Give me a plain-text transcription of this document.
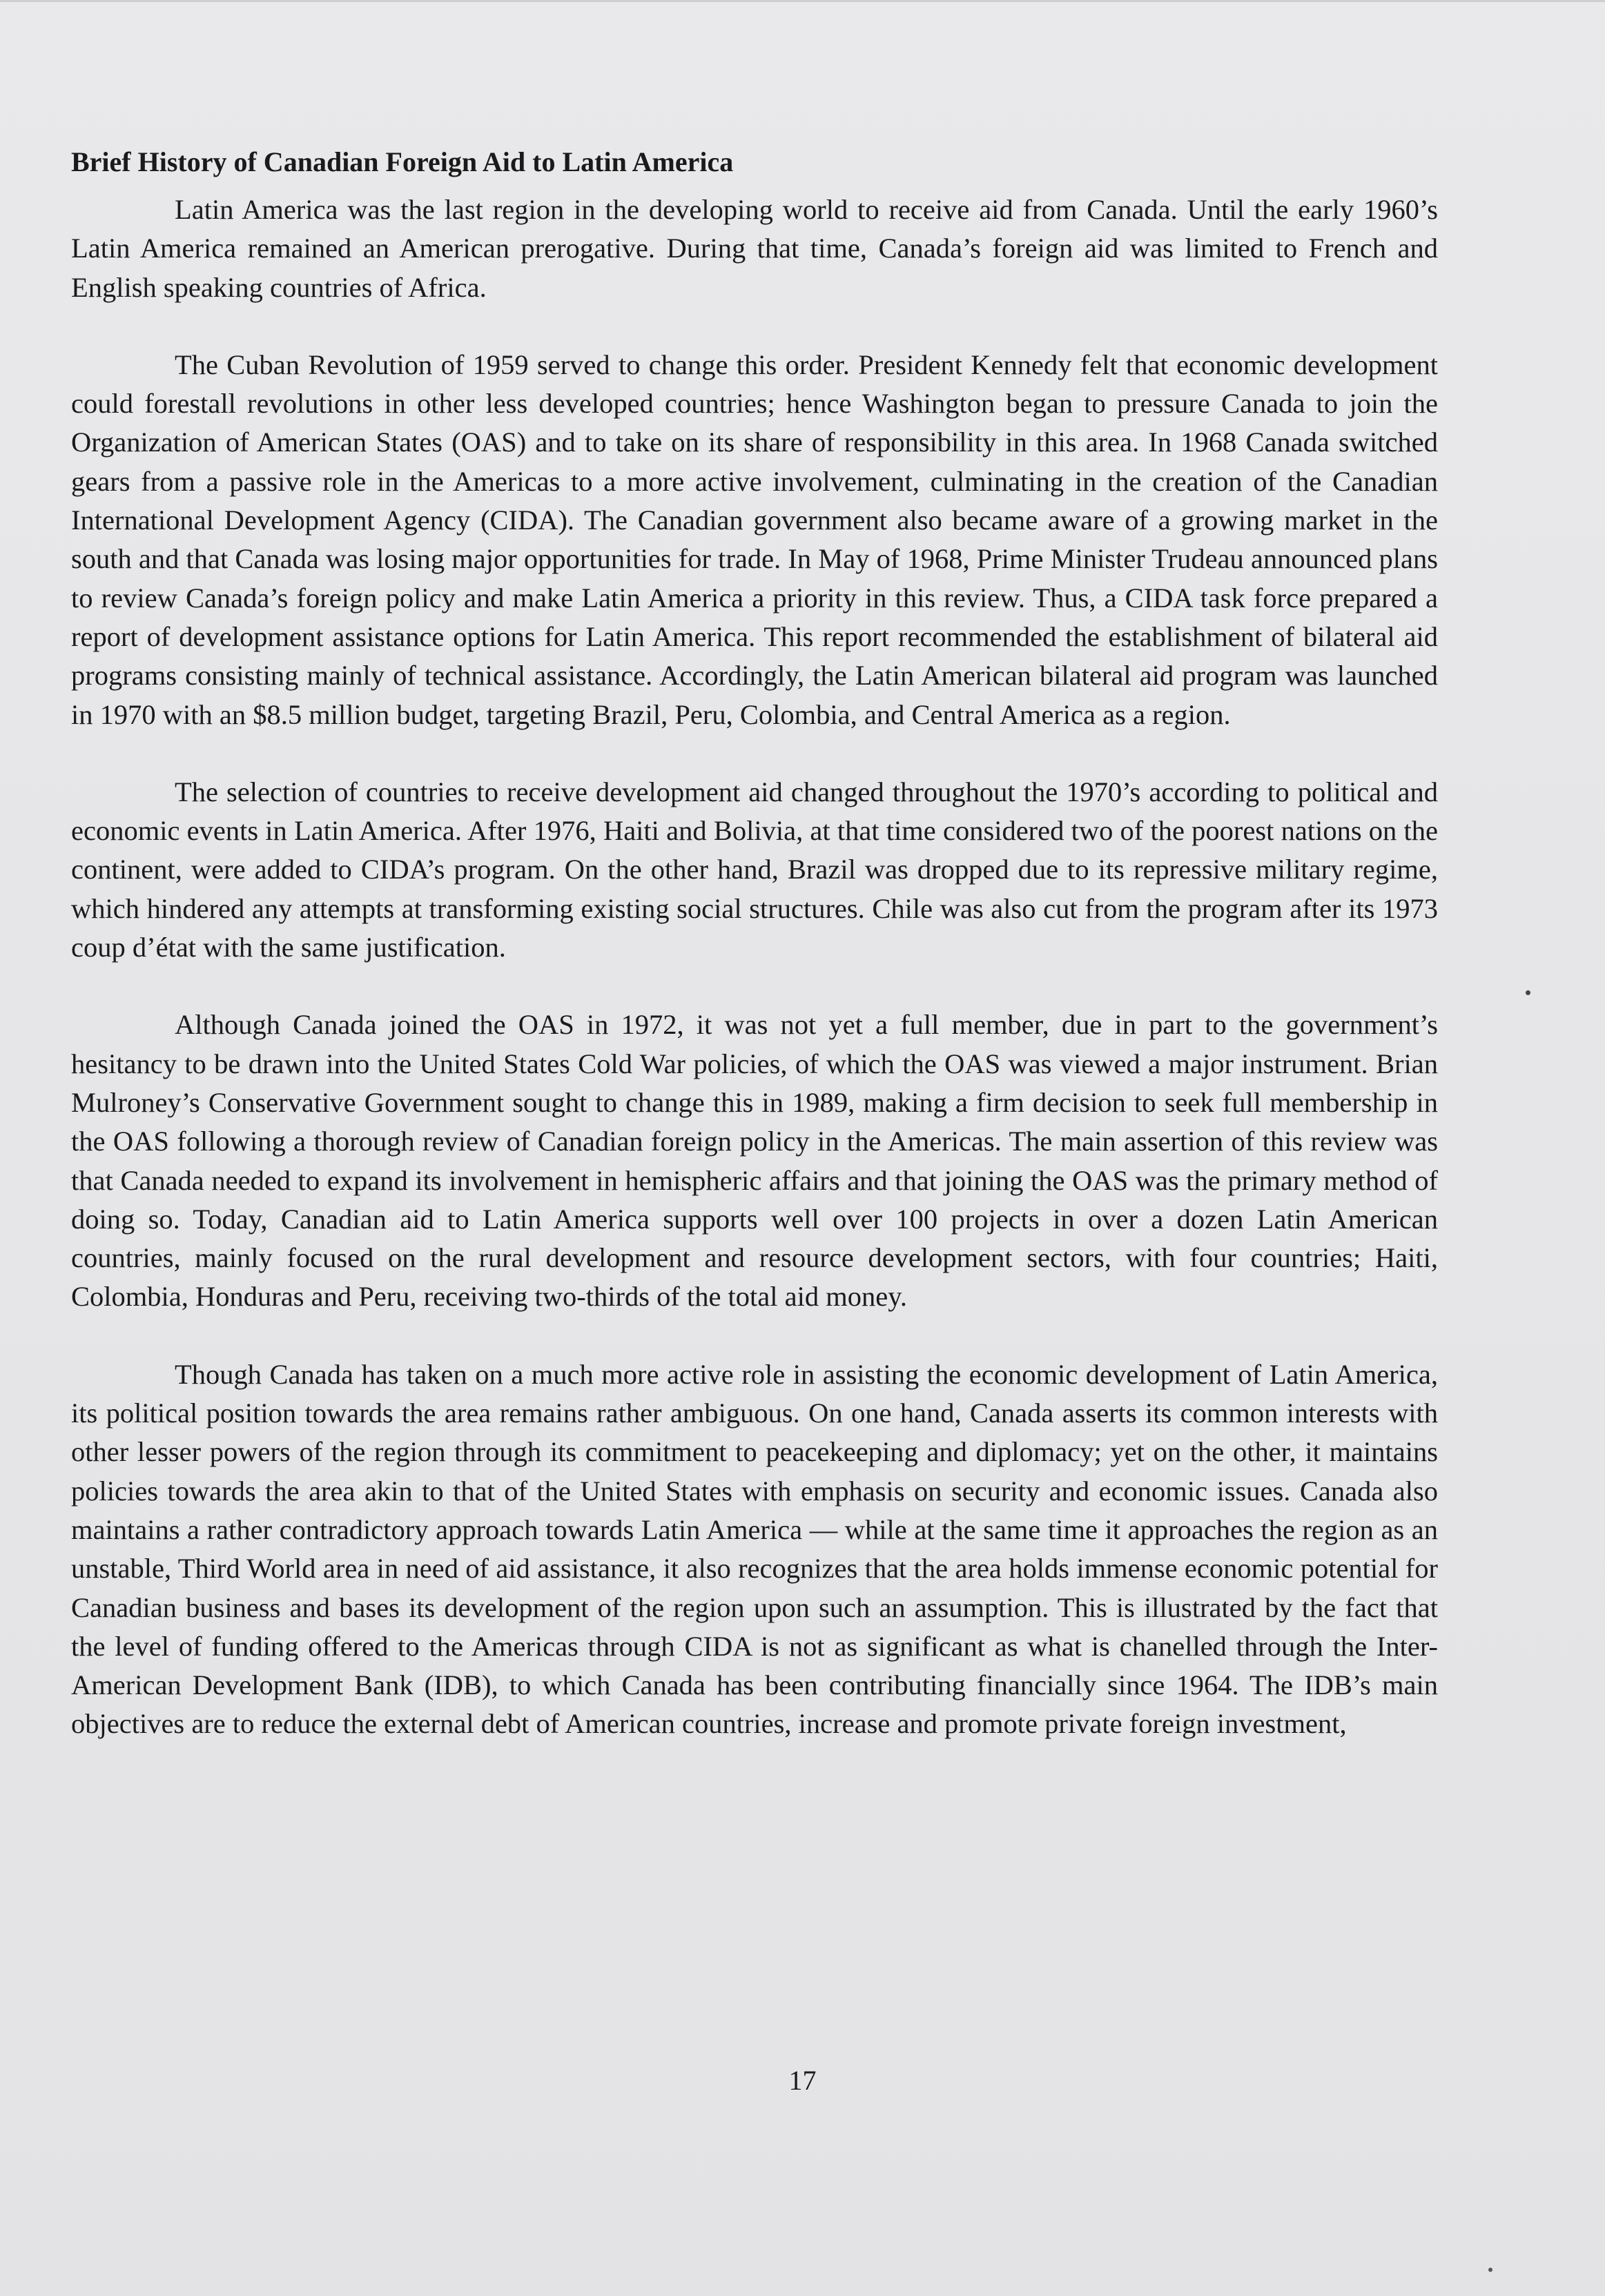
Brief History of Canadian Foreign Aid to Latin America

Latin America was the last region in the developing world to receive aid from Canada. Until the early 1960’s Latin America remained an American prerogative. During that time, Canada’s foreign aid was limited to French and English speaking countries of Africa.

The Cuban Revolution of 1959 served to change this order. President Kennedy felt that economic development could forestall revolutions in other less developed countries; hence Washington began to pressure Canada to join the Organization of American States (OAS) and to take on its share of responsibility in this area. In 1968 Canada switched gears from a passive role in the Americas to a more active involvement, culminating in the creation of the Canadian International Development Agency (CIDA). The Canadian government also became aware of a growing market in the south and that Canada was losing major opportunities for trade. In May of 1968, Prime Minister Trudeau announced plans to review Canada’s foreign policy and make Latin America a priority in this review. Thus, a CIDA task force prepared a report of development assistance options for Latin America. This report recommended the establishment of bilateral aid programs consisting mainly of technical assistance. Accordingly, the Latin American bilateral aid program was launched in 1970 with an $8.5 million budget, targeting Brazil, Peru, Colombia, and Central America as a region.

The selection of countries to receive development aid changed throughout the 1970’s according to political and economic events in Latin America. After 1976, Haiti and Bolivia, at that time considered two of the poorest nations on the continent, were added to CIDA’s program. On the other hand, Brazil was dropped due to its repressive military regime, which hindered any attempts at transforming existing social structures. Chile was also cut from the program after its 1973 coup d’état with the same justification.

Although Canada joined the OAS in 1972, it was not yet a full member, due in part to the government’s hesitancy to be drawn into the United States Cold War policies, of which the OAS was viewed a major instrument. Brian Mulroney’s Conservative Government sought to change this in 1989, making a firm decision to seek full membership in the OAS following a thorough review of Canadian foreign policy in the Americas. The main assertion of this review was that Canada needed to expand its involvement in hemispheric affairs and that joining the OAS was the primary method of doing so. Today, Canadian aid to Latin America supports well over 100 projects in over a dozen Latin American countries, mainly focused on the rural development and resource development sectors, with four countries; Haiti, Colombia, Honduras and Peru, receiving two-thirds of the total aid money.

Though Canada has taken on a much more active role in assisting the economic development of Latin America, its political position towards the area remains rather ambiguous. On one hand, Canada asserts its common interests with other lesser powers of the region through its commitment to peacekeeping and diplomacy; yet on the other, it maintains policies towards the area akin to that of the United States with emphasis on security and economic issues. Canada also maintains a rather contradictory approach towards Latin America — while at the same time it approaches the region as an unstable, Third World area in need of aid assistance, it also recognizes that the area holds immense economic potential for Canadian business and bases its development of the region upon such an assumption. This is illustrated by the fact that the level of funding offered to the Americas through CIDA is not as significant as what is chanelled through the Inter-American Development Bank (IDB), to which Canada has been contributing financially since 1964. The IDB’s main objectives are to reduce the external debt of American countries, increase and promote private foreign investment,

17
